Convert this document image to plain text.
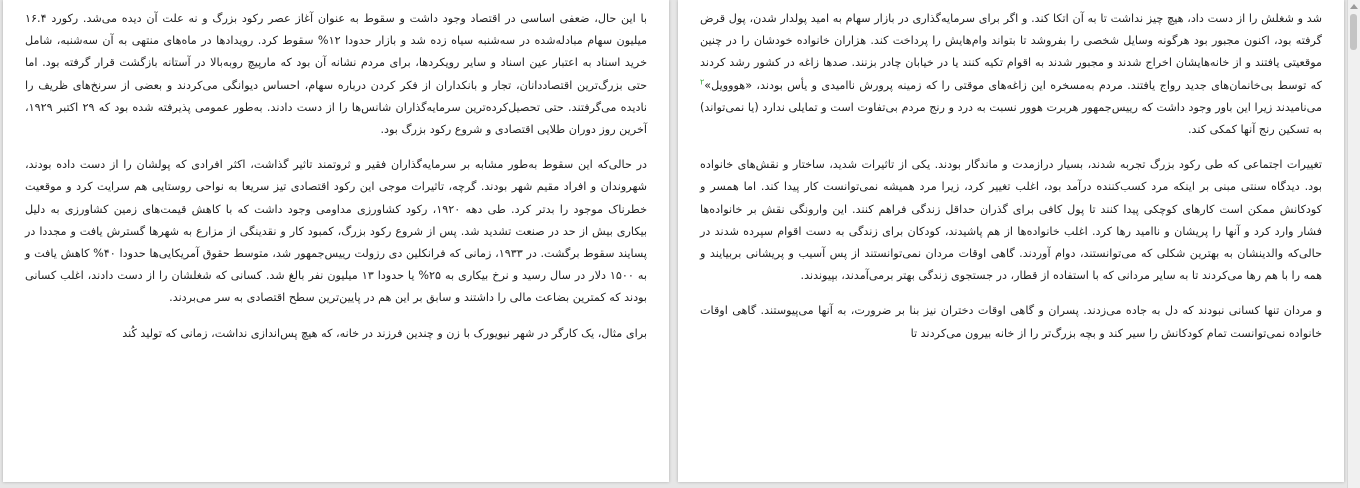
با این حال، ضعفی اساسی در اقتصاد وجود داشت و سقوط به عنوان آغاز عصر رکود بزرگ و نه علت آن دیده می‌شد. رکورد ۱۶.۴ میلیون سهام مبادله‌شده در سه‌شنبه سیاه زده شد و بازار حدودا ۱۲% سقوط کرد. رویدادها در ماه‌های منتهی به آن سه‌شنبه، شامل خرید اسناد به اعتبار عین اسناد و سایر رویکردها، برای مردم نشانه آن بود که مارپیچ روبه‌بالا در آستانه بازگشت قرار گرفته بود. اما حتی بزرگ‌ترین اقتصاددانان، تجار و بانکداران از فکر کردن درباره سهام، احساس دیوانگی می‌کردند و بعضی از سرنخ‌های ظریف را نادیده می‌گرفتند. حتی تحصیل‌کرده‌ترین سرمایه‌گذاران شانس‌ها را از دست دادند. به‌طور عمومی پذیرفته شده بود که ۲۹ اکتبر ۱۹۲۹، آخرین روز دوران طلایی اقتصادی و شروع رکود بزرگ بود.

در حالی‌که این سقوط به‌طور مشابه بر سرمایه‌گذاران فقیر و ثروتمند تاثیر گذاشت، اکثر افرادی که پولشان را از دست داده بودند، شهروندان و افراد مقیم شهر بودند. گرچه، تاثیرات موجی این رکود اقتصادی تیز سریعا به نواحی روستایی هم سرایت کرد و موقعیت خطرناک موجود را بدتر کرد. طی دهه ۱۹۲۰، رکود کشاورزی مداومی وجود داشت که با کاهش قیمت‌های زمین کشاورزی به دلیل بیکاری بیش از حد در صنعت تشدید شد. پس از شروع رکود بزرگ، کمبود کار و نقدینگی از مزارع به شهرها گسترش یافت و مجددا در پسایند سقوط برگشت. در ۱۹۳۳، زمانی که فرانکلین دی رزولت رییس‌جمهور شد، متوسط حقوق آمریکایی‌ها حدودا ۴۰% کاهش یافت و به ۱۵۰۰ دلار در سال رسید و نرخ بیکاری به ۲۵% یا حدودا ۱۳ میلیون نفر بالغ شد. کسانی که شغلشان را از دست دادند، اغلب کسانی بودند که کمترین بضاعت مالی را داشتند و سابق بر این هم در پایین‌ترین سطح اقتصادی به سر می‌بردند.

برای مثال، یک کارگر در شهر نیویورک با زن و چندین فرزند در خانه، که هیچ پس‌اندازی نداشت، زمانی که تولید کُند

شد و شغلش را از دست داد، هیچ چیز نداشت تا به آن اتکا کند. و اگر برای سرمایه‌گذاری در بازار سهام به امید پولدار شدن، پول قرض گرفته بود، اکنون مجبور بود هرگونه وسایل شخصی را بفروشد تا بتواند وام‌هایش را پرداخت کند. هزاران خانواده خودشان را در چنین موقعیتی یافتند و از خانه‌هایشان اخراج شدند و مجبور شدند به اقوام تکیه کنند یا در خیابان چادر بزنند. صدها زاغه در کشور رشد کردند که توسط بی‌خانمان‌های جدید رواج یافتند. مردم به‌مسخره این زاغه‌های موقتی را که زمینه پرورش ناامیدی و یأس بودند، «هووویل»$^۲$ می‌نامیدند زیرا این باور وجود داشت که رییس‌جمهور هربرت هوور نسبت به درد و رنج مردم بی‌تفاوت است و تمایلی ندارد (یا نمی‌تواند) به تسکین رنج آنها کمکی کند.

تغییرات اجتماعی که طی رکود بزرگ تجربه شدند، بسیار درازمدت و ماندگار بودند. یکی از تاثیرات شدید، ساختار و نقش‌های خانواده بود. دیدگاه سنتی مبنی بر اینکه مرد کسب‌کننده درآمد بود، اغلب تغییر کرد، زیرا مرد همیشه نمی‌توانست کار پیدا کند. اما همسر و کودکانش ممکن است کارهای کوچکی پیدا کنند تا پول کافی برای گذران حداقل زندگی فراهم کنند. این وارونگی نقش بر خانواده‌ها فشار وارد کرد و آنها را پریشان و ناامید رها کرد. اغلب خانواده‌ها از هم پاشیدند، کودکان برای زندگی به دست اقوام سپرده شدند در حالی‌که والدینشان به بهترین شکلی که می‌توانستند، دوام آوردند. گاهی اوقات مردان نمی‌توانستند از پس آسیب و پریشانی بربیایند و همه را با هم رها می‌کردند تا به سایر مردانی که با استفاده از قطار، در جستجوی زندگی بهتر برمی‌آمدند، بپیوندند.

و مردان تنها کسانی نبودند که دل به جاده می‌زدند. پسران و گاهی اوقات دختران نیز بنا بر ضرورت، به آنها می‌پیوستند. گاهی اوقات خانواده نمی‌توانست تمام کودکانش را سیر کند و بچه بزرگ‌تر را از خانه بیرون می‌کردند تا
